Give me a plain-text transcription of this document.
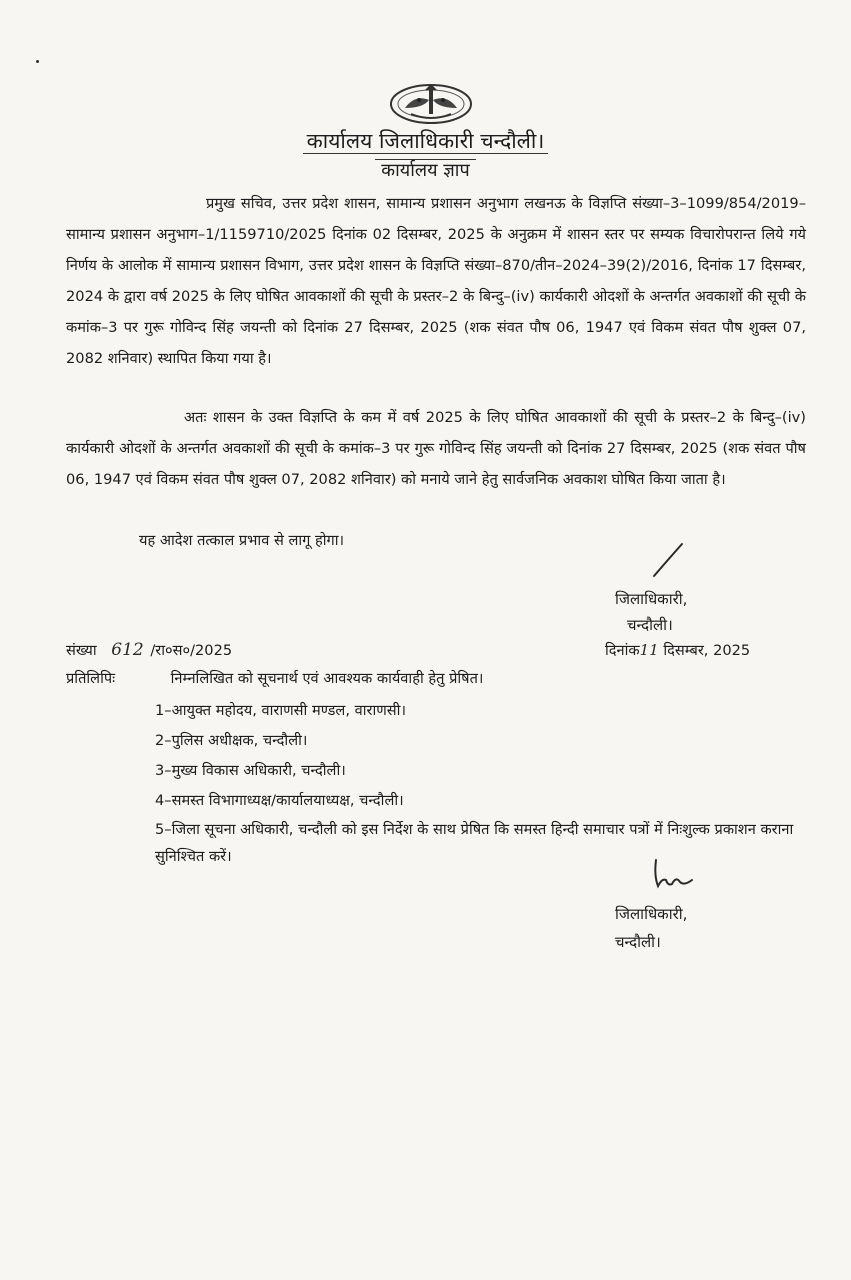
कार्यालय जिलाधिकारी चन्दौली।
कार्यालय ज्ञाप
प्रमुख सचिव, उत्तर प्रदेश शासन, सामान्य प्रशासन अनुभाग लखनऊ के विज्ञप्ति संख्या–3–1099/854/2019–सामान्य प्रशासन अनुभाग–1/1159710/2025 दिनांक 02 दिसम्बर, 2025 के अनुक्रम में शासन स्तर पर सम्यक विचारोपरान्त लिये गये निर्णय के आलोक में सामान्य प्रशासन विभाग, उत्तर प्रदेश शासन के विज्ञप्ति संख्या–870/तीन–2024–39(2)/2016, दिनांक 17 दिसम्बर, 2024 के द्वारा वर्ष 2025 के लिए घोषित आवकाशों की सूची के प्रस्तर–2 के बिन्दु–(iv) कार्यकारी ओदशों के अन्तर्गत अवकाशों की सूची के कमांक–3 पर गुरू गोविन्द सिंह जयन्ती को दिनांक 27 दिसम्बर, 2025 (शक संवत पौष 06, 1947 एवं विकम संवत पौष शुक्ल 07, 2082 शनिवार) स्थापित किया गया है।
अतः शासन के उक्त विज्ञप्ति के कम में वर्ष 2025 के लिए घोषित आवकाशों की सूची के प्रस्तर–2 के बिन्दु–(iv) कार्यकारी ओदशों के अन्तर्गत अवकाशों की सूची के कमांक–3 पर गुरू गोविन्द सिंह जयन्ती को दिनांक 27 दिसम्बर, 2025 (शक संवत पौष 06, 1947 एवं विकम संवत पौष शुक्ल 07, 2082 शनिवार) को मनाये जाने हेतु सार्वजनिक अवकाश घोषित किया जाता है।
यह आदेश तत्काल प्रभाव से लागू होगा।
जिलाधिकारी,
चन्दौली।
संख्या 612 /रा०स०/2025	दिनांक11 दिसम्बर, 2025
प्रतिलिपिः	निम्नलिखित को सूचनार्थ एवं आवश्यक कार्यवाही हेतु प्रेषित।
1–आयुक्त महोदय, वाराणसी मण्डल, वाराणसी।
2–पुलिस अधीक्षक, चन्दौली।
3–मुख्य विकास अधिकारी, चन्दौली।
4–समस्त विभागाध्यक्ष/कार्यालयाध्यक्ष, चन्दौली।
5–जिला सूचना अधिकारी, चन्दौली को इस निर्देश के साथ प्रेषित कि समस्त हिन्दी समाचार पत्रों में निःशुल्क प्रकाशन कराना सुनिश्चित करें।
जिलाधिकारी,
चन्दौली।
